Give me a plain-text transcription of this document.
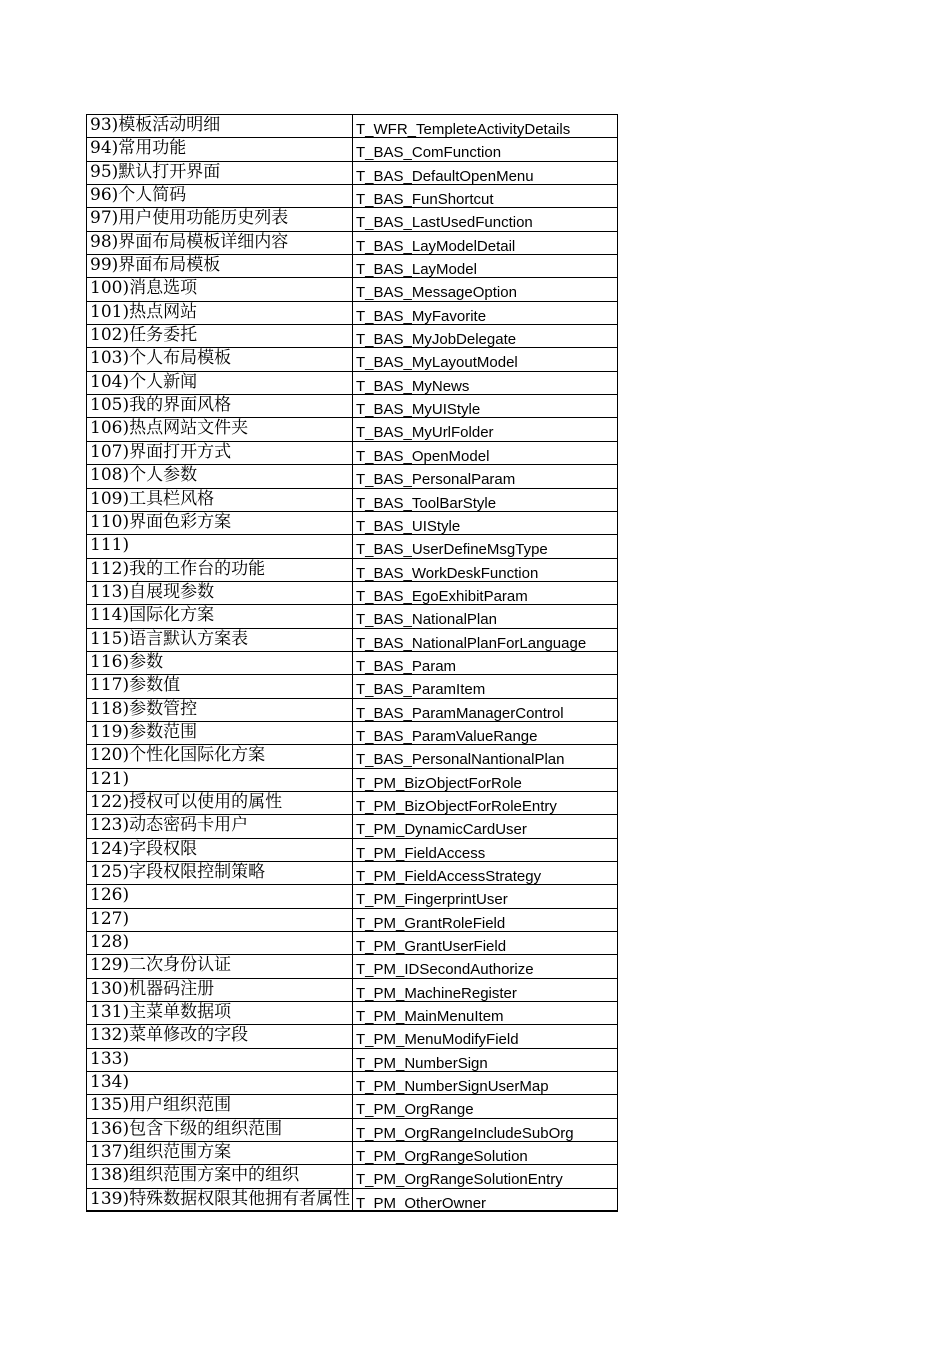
93)模板活动明细	T_WFR_TempleteActivityDetails
94)常用功能	T_BAS_ComFunction
95)默认打开界面	T_BAS_DefaultOpenMenu
96)个人简码	T_BAS_FunShortcut
97)用户使用功能历史列表	T_BAS_LastUsedFunction
98)界面布局模板详细内容	T_BAS_LayModelDetail
99)界面布局模板	T_BAS_LayModel
100)消息选项	T_BAS_MessageOption
101)热点网站	T_BAS_MyFavorite
102)任务委托	T_BAS_MyJobDelegate
103)个人布局模板	T_BAS_MyLayoutModel
104)个人新闻	T_BAS_MyNews
105)我的界面风格	T_BAS_MyUIStyle
106)热点网站文件夹	T_BAS_MyUrlFolder
107)界面打开方式	T_BAS_OpenModel
108)个人参数	T_BAS_PersonalParam
109)工具栏风格	T_BAS_ToolBarStyle
110)界面色彩方案	T_BAS_UIStyle
111)	T_BAS_UserDefineMsgType
112)我的工作台的功能	T_BAS_WorkDeskFunction
113)自展现参数	T_BAS_EgoExhibitParam
114)国际化方案	T_BAS_NationalPlan
115)语言默认方案表	T_BAS_NationalPlanForLanguage
116)参数	T_BAS_Param
117)参数值	T_BAS_ParamItem
118)参数管控	T_BAS_ParamManagerControl
119)参数范围	T_BAS_ParamValueRange
120)个性化国际化方案	T_BAS_PersonalNantionalPlan
121)	T_PM_BizObjectForRole
122)授权可以使用的属性	T_PM_BizObjectForRoleEntry
123)动态密码卡用户	T_PM_DynamicCardUser
124)字段权限	T_PM_FieldAccess
125)字段权限控制策略	T_PM_FieldAccessStrategy
126)	T_PM_FingerprintUser
127)	T_PM_GrantRoleField
128)	T_PM_GrantUserField
129)二次身份认证	T_PM_IDSecondAuthorize
130)机器码注册	T_PM_MachineRegister
131)主菜单数据项	T_PM_MainMenuItem
132)菜单修改的字段	T_PM_MenuModifyField
133)	T_PM_NumberSign
134)	T_PM_NumberSignUserMap
135)用户组织范围	T_PM_OrgRange
136)包含下级的组织范围	T_PM_OrgRangeIncludeSubOrg
137)组织范围方案	T_PM_OrgRangeSolution
138)组织范围方案中的组织	T_PM_OrgRangeSolutionEntry
139)特殊数据权限其他拥有者属性 T_PM_OtherOwner
